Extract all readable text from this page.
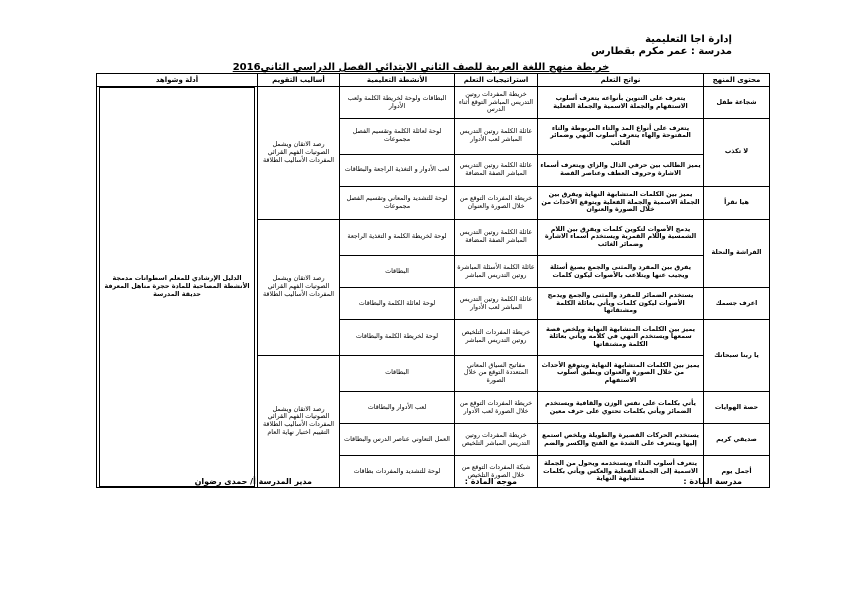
إدارة اجا التعليمية
مدرسة : عمر مكرم بقطارس
خريطة منهج اللغة العربية للصف الثاني الابتدائي الفصل الدراسي الثاني2016
محتوى المنهج	نواتج التعلم	استراتيجيات التعلم	الأنشطة التعليمية	أساليب التقويم	أدلة وشواهد
شجاعة طفل	يتعرف على التنوين بأنواعه يتعرف أسلوب الاستفهام والجملة الاسمية والجملة الفعلية	خريطة المفردات روتين التدريس المباشر التوقع أثناء الدرس	البطاقات ولوحة لخريطة الكلمة ولعب الأدوار	رصد الاتقان ويشمل الصوتيات الفهم القرائي المفردات الأساليب الطلاقة	الدليل الإرشادي للمعلم اسطوانات مدمجة الأنشطة المصاحبة للمادة حجرة مناهل المعرفة حديقة المدرسة

لا تكذب	يتعرف على أنواع المد والتاء المربوطة والتاء المفتوحة والهاء يتعرف أسلوب النهي وضمائر الغائب	عائلة الكلمة روتين التدريس المباشر لعب الأدوار	لوحة لعائلة الكلمة وتقسيم الفصل مجموعات		
	يميز الطالب بين حرفي الذال والزاي ويتعرف أسماء الاشارة وحروف العطف وعناصر القصة	عائلة الكلمة روتين التدريس المباشر الصفة المضافة	لعب الأدوار و التغذية الراجعة والبطاقات		
هيا نقرأ	يميز بين الكلمات المتشابهة النهاية ويفرق بين الجملة الاسمية والجملة الفعلية ويتوقع الأحداث من خلال الصورة والعنوان	خريطة المفردات التوقع من خلال الصورة والعنوان	لوحة للتشديد والمعاني وتقسيم الفصل مجموعات		
الفراشة والنحلة	يدمج الأصوات لتكوين كلمات ويفرق بين اللام الشمسية واللام القمرية ويستخدم أسماء الاشارة وضمائر الغائب	عائلة الكلمة روتين التدريس المباشر الصفة المضافة	لوحة لخريطة الكلمة و التغذية الراجعة	رصد الاتقان ويشمل الصوتيات الفهم القرائي المفردات الأساليب الطلاقة	
	يفرق بين المفرد والمثنى والجمع يصيغ أسئلة ويجيب عنها ويتلاعب بالأصوات ليكون كلمات	عائلة الكلمة الأسئلة المباشرة روتين التدريس المباشر	البطاقات		
اعرف جسمك	يستخدم الضمائر للمفرد والمثنى والجمع ويدمج الأصوات ليكون كلمات ويأتي بعائلة الكلمة ومشتقاتها	عائلة الكلمة روتين التدريس المباشر لعب الأدوار	لوحة لعائلة الكلمة والبطاقات		
يا ربنا سبحانك	يميز بين الكلمات المتشابهة النهاية ويلخص قصة سمعها ويستخدم النهي في كلامه ويأتي بعائلة الكلمة ومشتقاتها	خريطة المفردات التلخيص روتين التدريس المباشر	لوحة لخريطة الكلمة والبطاقات		
	يميز بين الكلمات المتشابهة النهاية ويتوقع الأحداث من خلال الصورة والعنوان ويطبق أسلوب الاستفهام	مفاتيح السياق المعاني المتعددة التوقع من خلال الصورة	البطاقات	رصد الاتقان ويشمل الصوتيات الفهم القرائي المفردات الأساليب الطلاقة التقييم اختبار نهاية العام	
حصة الهوايات	يأتي بكلمات على نفس الوزن والقافية ويستخدم الضمائر ويأتي بكلمات تحتوي على حرف معين	خريطة المفردات التوقع من خلال الصورة لعب الأدوار	لعب الأدوار والبطاقات		
صديقي كريم	يستخدم الحركات القصيرة والطويلة ويلخص استمع إليها ويتعرف على الشدة مع الفتح والكسر والضم	خريطة المفردات روتين التدريس المباشر التلخيص	العمل التعاوني عناصر الدرس والبطاقات		
أجمل يوم	يتعرف أسلوب النداء ويستخدمه ويحول من الجملة الاسمية إلى الجملة الفعلية والعكس ويأتي بكلمات متشابهة النهاية	شبكة المفردات التوقع من خلال الصورة التلخيص	لوحة للتشديد والمفردات بطاقات		
مدرسة المادة :
موجه المادة :
مدير المدرسة أ/ حمدى رضوان
